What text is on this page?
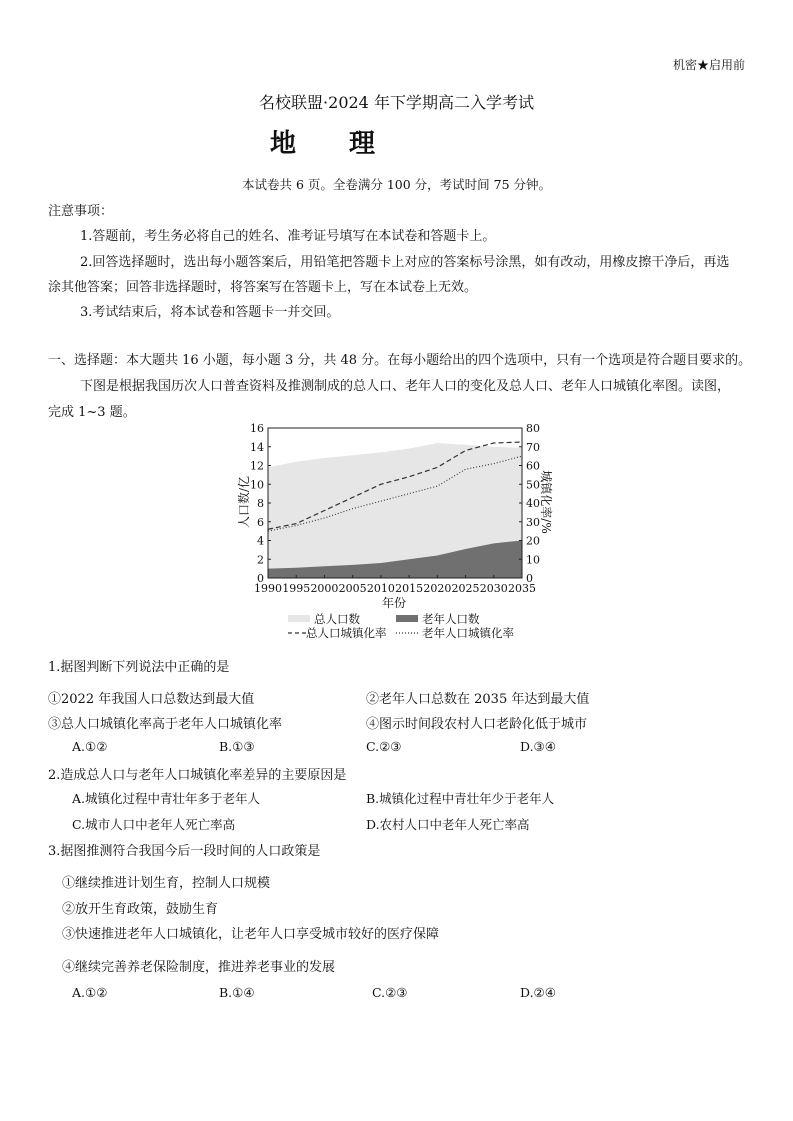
机密★启用前
名校联盟·2024 年下学期高二入学考试
地 理
本试卷共 6 页。全卷满分 100 分，考试时间 75 分钟。
注意事项：
1.答题前，考生务必将自己的姓名、准考证号填写在本试卷和答题卡上。
2.回答选择题时，选出每小题答案后，用铅笔把答题卡上对应的答案标号涂黑，如有改动，用橡皮擦干净后，再选
涂其他答案；回答非选择题时，将答案写在答题卡上，写在本试卷上无效。
3.考试结束后，将本试卷和答题卡一并交回。
一、选择题：本大题共 16 小题，每小题 3 分，共 48 分。在每小题给出的四个选项中，只有一个选项是符合题目要求的。
下图是根据我国历次人口普查资料及推测制成的总人口、老年人口的变化及总人口、老年人口城镇化率图。读图，
完成 1~3 题。
0
2
4
6
8
10
12
14
16
0
10
20
30
40
50
60
70
80
1990 1995 2000 2005 2010 2015 2020 2025 2030 2035
人口数/亿	城镇化率/%
年份
总人口数	老年人口数
总人口城镇化率	老年人口城镇化率
1.据图判断下列说法中正确的是
①2022 年我国人口总数达到最大值	②老年人口总数在 2035 年达到最大值
③总人口城镇化率高于老年人口城镇化率	④图示时间段农村人口老龄化低于城市
A.①②	B.①③	C.②③	D.③④
2.造成总人口与老年人口城镇化率差异的主要原因是
A.城镇化过程中青壮年多于老年人	B.城镇化过程中青壮年少于老年人
C.城市人口中老年人死亡率高	D.农村人口中老年人死亡率高
3.据图推测符合我国今后一段时间的人口政策是
①继续推进计划生育，控制人口规模
②放开生育政策，鼓励生育
③快速推进老年人口城镇化，让老年人口享受城市较好的医疗保障
④继续完善养老保险制度，推进养老事业的发展
A.①②	B.①④	C.②③	D.②④
